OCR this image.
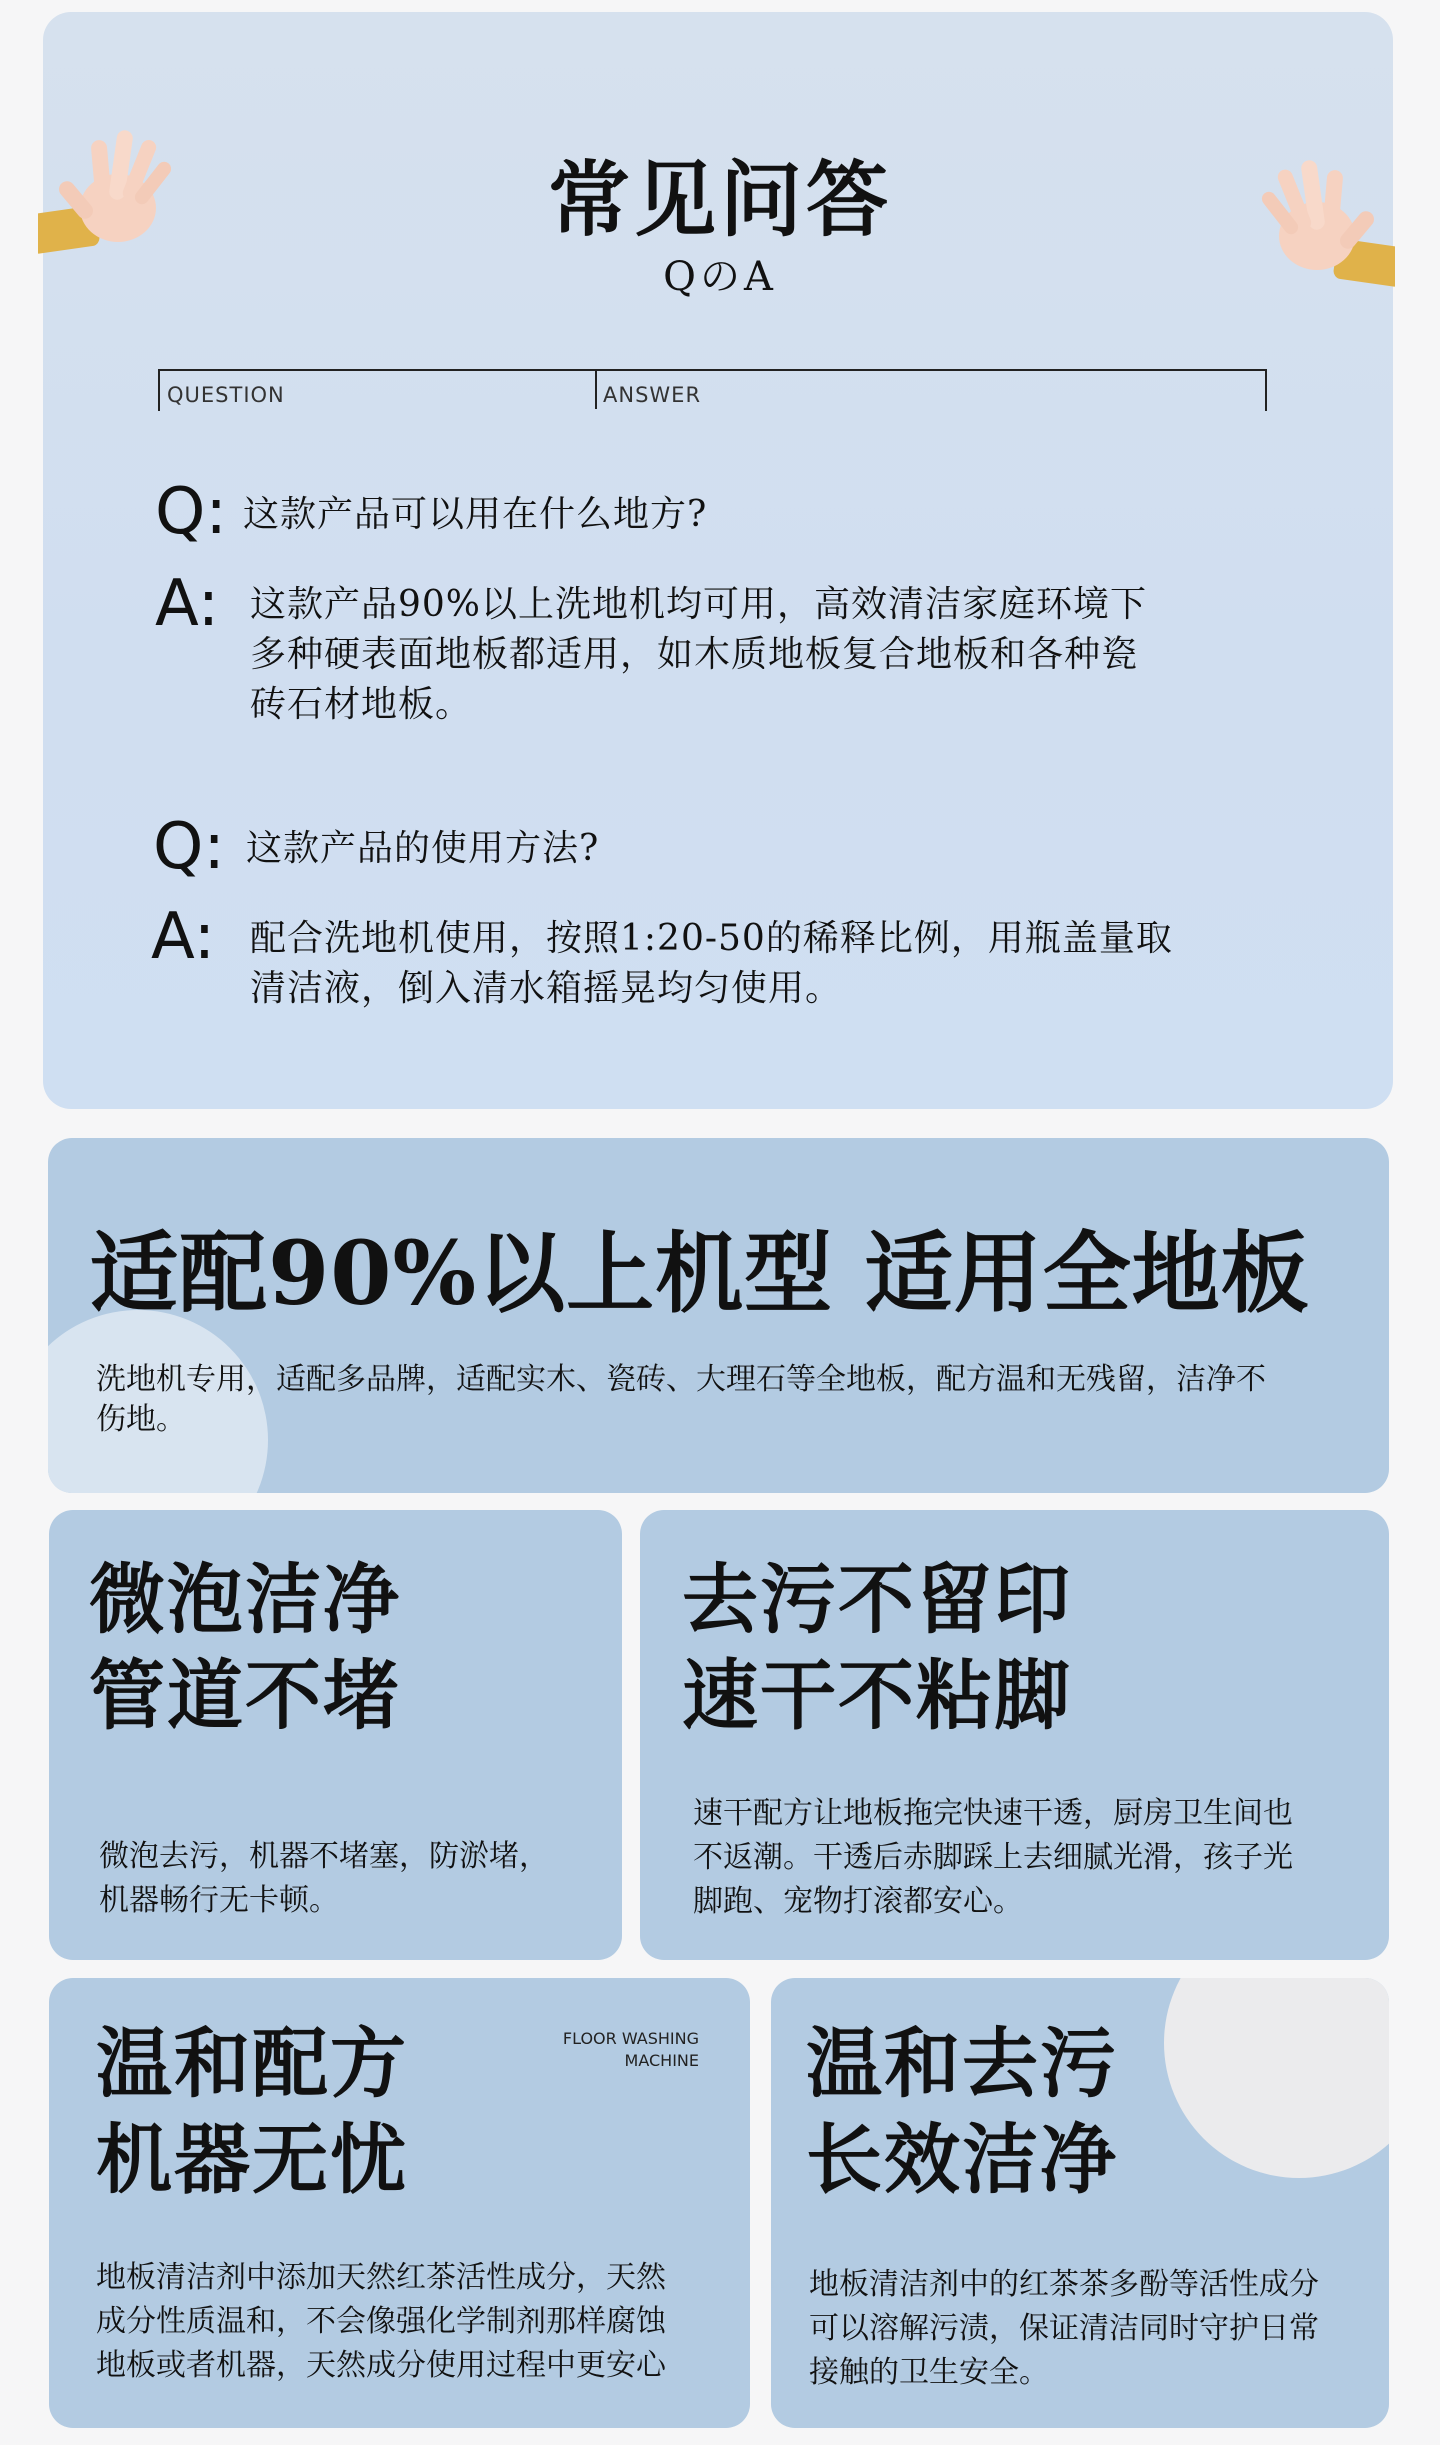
常见问答
QのA
QUESTION	ANSWER
Q: 这款产品可以用在什么地方?
A: 这款产品90%以上洗地机均可用，高效清洁家庭环境下
多种硬表面地板都适用，如木质地板复合地板和各种瓷
砖石材地板。
Q: 这款产品的使用方法?
A: 配合洗地机使用，按照1:20-50的稀释比例，用瓶盖量取
清洁液，倒入清水箱摇晃均匀使用。
适配90%以上机型 适用全地板
洗地机专用，适配多品牌，适配实木、瓷砖、大理石等全地板，配方温和无残留，洁净不
伤地。
微泡洁净
管道不堵
微泡去污，机器不堵塞，防淤堵，
机器畅行无卡顿。
去污不留印
速干不粘脚
速干配方让地板拖完快速干透，厨房卫生间也
不返潮。干透后赤脚踩上去细腻光滑，孩子光
脚跑、宠物打滚都安心。
温和配方
机器无忧
FLOOR WASHING
MACHINE
地板清洁剂中添加天然红茶活性成分，天然
成分性质温和，不会像强化学制剂那样腐蚀
地板或者机器，天然成分使用过程中更安心
温和去污
长效洁净
地板清洁剂中的红茶茶多酚等活性成分
可以溶解污渍，保证清洁同时守护日常
接触的卫生安全。
